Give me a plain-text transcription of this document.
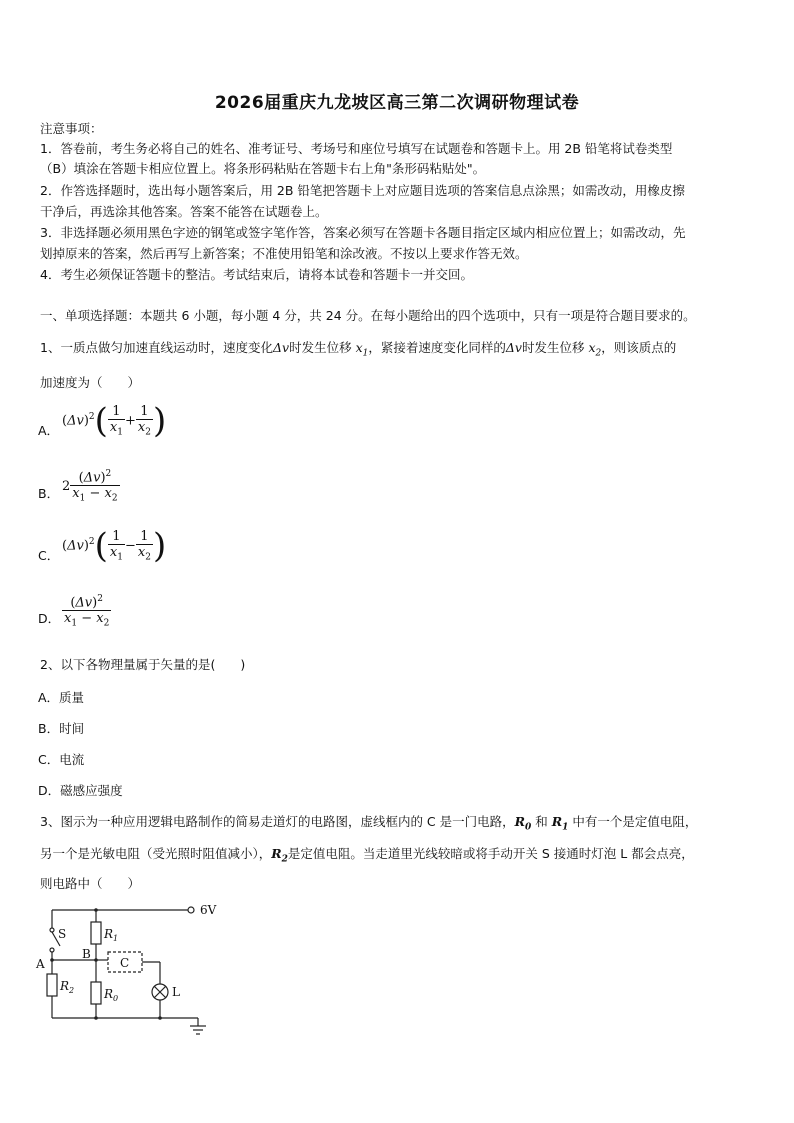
2026届重庆九龙坡区高三第二次调研物理试卷
注意事项：
1．答卷前，考生务必将自己的姓名、准考证号、考场号和座位号填写在试题卷和答题卡上。用 2B 铅笔将试卷类型
（B）填涂在答题卡相应位置上。将条形码粘贴在答题卡右上角"条形码粘贴处"。
2．作答选择题时，选出每小题答案后，用 2B 铅笔把答题卡上对应题目选项的答案信息点涂黑；如需改动，用橡皮擦
干净后，再选涂其他答案。答案不能答在试题卷上。
3．非选择题必须用黑色字迹的钢笔或签字笔作答，答案必须写在答题卡各题目指定区域内相应位置上；如需改动，先
划掉原来的答案，然后再写上新答案；不准使用铅笔和涂改液。不按以上要求作答无效。
4．考生必须保证答题卡的整洁。考试结束后，请将本试卷和答题卡一并交回。
一、单项选择题：本题共 6 小题，每小题 4 分，共 24 分。在每小题给出的四个选项中，只有一项是符合题目要求的。
1、一质点做匀加速直线运动时，速度变化Δv时发生位移 $x_1$，紧接着速度变化同样的Δv时发生位移 $x_2$，则该质点的
加速度为（　　）
A．
$(\Delta v)^2( \frac{1}{x_1} + \frac{1}{x_2}$ )
B． $2 \frac{(\Delta v)^2}{x_1 - x_2}$
C．
$(\Delta v)^2( \frac{1}{x_1} - \frac{1}{x_2}$ )
D． $\frac{(\Delta v)^2}{x_1 - x_2}$
2、以下各物理量属于矢量的是(　　)
A．质量
B．时间
C．电流
D．磁感应强度
3、图示为一种应用逻辑电路制作的简易走道灯的电路图，虚线框内的 C 是一门电路，$R_0$ 和 $R_1$ 中有一个是定值电阻，
另一个是光敏电阻（受光照时阻值减小），$R_2$是定值电阻。当走道里光线较暗或将手动开关 S 接通时灯泡 L 都会点亮，
则电路中（　　）
6V
S
A
B
C
$R_1$
$R_2$ $R_0$	L
